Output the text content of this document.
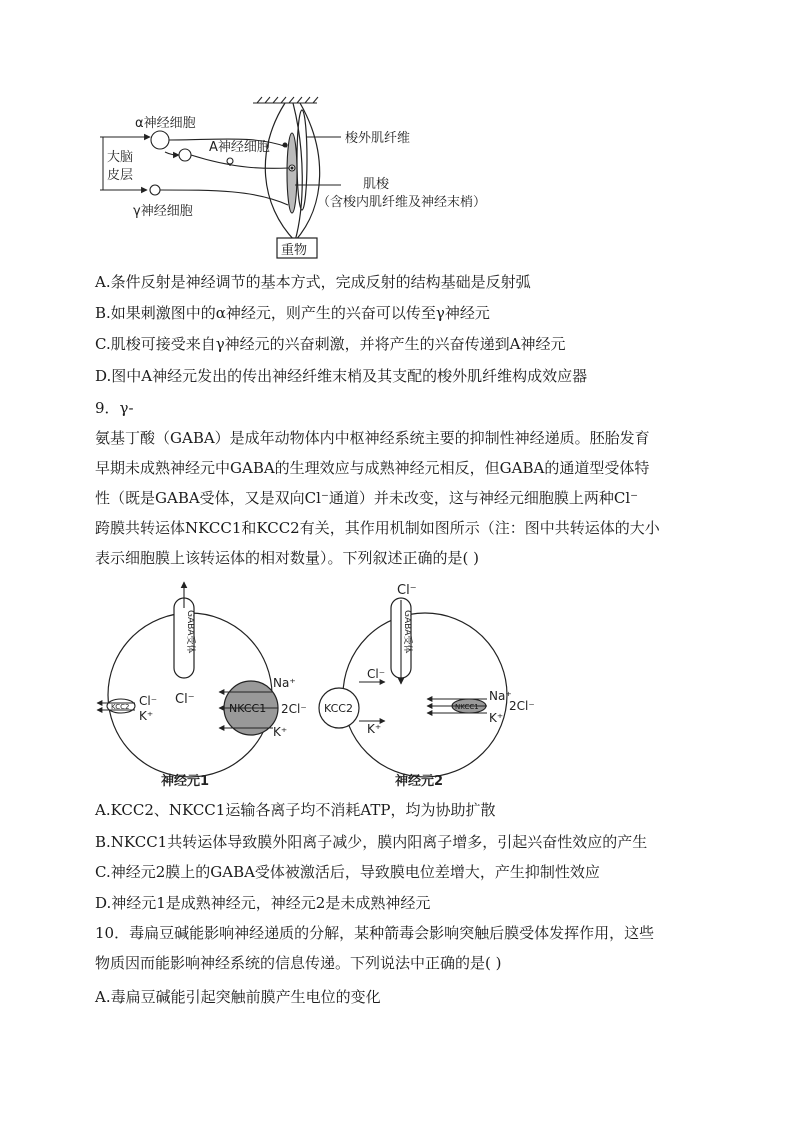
重物
大脑
皮层
α神经细胞
A神经细胞
γ神经细胞
梭外肌纤维
肌梭
（含梭内肌纤维及神经末梢）
A.条件反射是神经调节的基本方式，完成反射的结构基础是反射弧
B.如果刺激图中的α神经元，则产生的兴奋可以传至γ神经元
C.肌梭可接受来自γ神经元的兴奋刺激，并将产生的兴奋传递到A神经元
D.图中A神经元发出的传出神经纤维末梢及其支配的梭外肌纤维构成效应器
9．γ-
氨基丁酸（GABA）是成年动物体内中枢神经系统主要的抑制性神经递质。胚胎发育
早期未成熟神经元中GABA的生理效应与成熟神经元相反，但GABA的通道型受体特
性（既是GABA受体，又是双向Cl⁻通道）并未改变，这与神经元细胞膜上两种Cl⁻
跨膜共转运体NKCC1和KCC2有关，其作用机制如图所示（注：图中共转运体的大小
表示细胞膜上该转运体的相对数量）。下列叙述正确的是( )
GABA受体
Cl⁻
KCC2 Cl⁻
K⁺
NKCC1
Na⁺
2Cl⁻
K⁺
神经元1
GABA受体
Cl⁻
KCC2
Cl⁻
K⁺
NKCC1
Na⁺
2Cl⁻
K⁺
神经元2
A.KCC2、NKCC1运输各离子均不消耗ATP，均为协助扩散
B.NKCC1共转运体导致膜外阳离子减少，膜内阳离子增多，引起兴奋性效应的产生
C.神经元2膜上的GABA受体被激活后，导致膜电位差增大，产生抑制性效应
D.神经元1是成熟神经元，神经元2是未成熟神经元
10．毒扁豆碱能影响神经递质的分解，某种箭毒会影响突触后膜受体发挥作用，这些
物质因而能影响神经系统的信息传递。下列说法中正确的是( )
A.毒扁豆碱能引起突触前膜产生电位的变化
